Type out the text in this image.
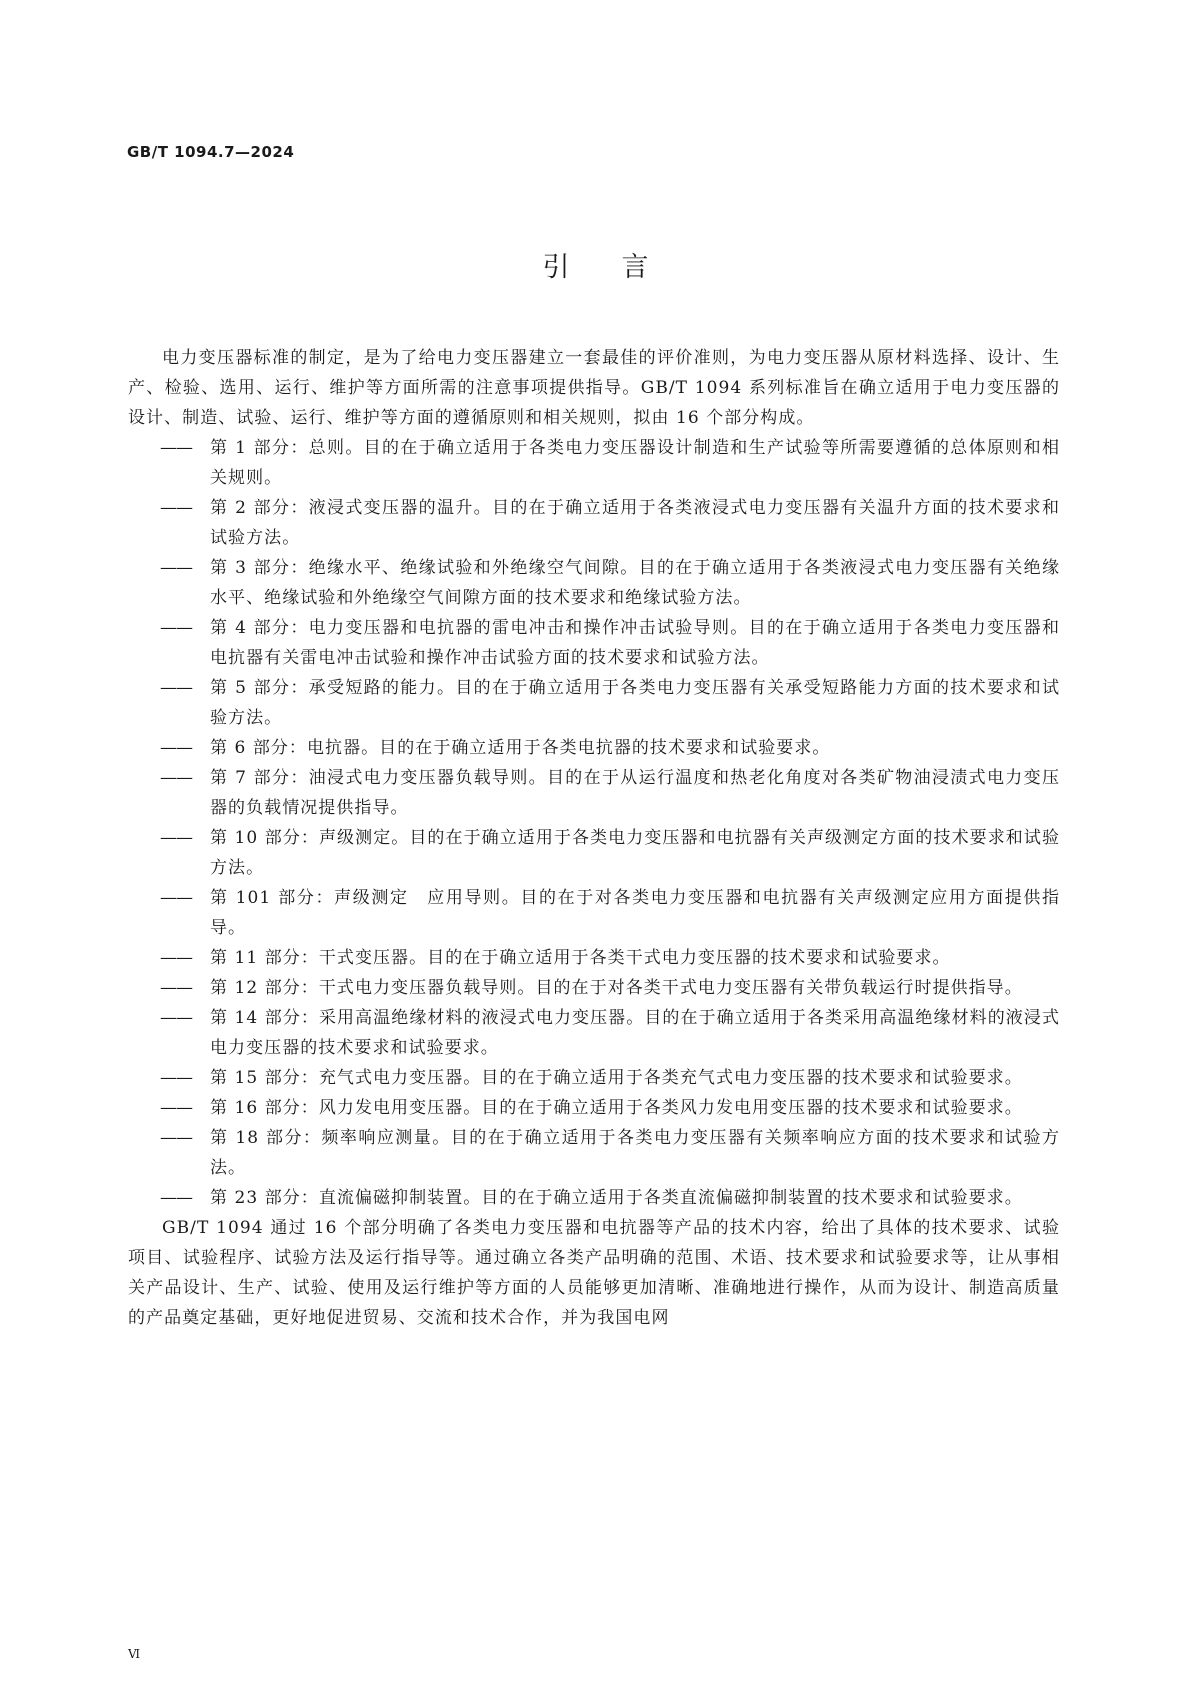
GB/T 1094.7—2024
引言

电力变压器标准的制定，是为了给电力变压器建立一套最佳的评价准则，为电力变压器从原材料选择、设计、生产、检验、选用、运行、维护等方面所需的注意事项提供指导。GB/T 1094 系列标准旨在确立适用于电力变压器的设计、制造、试验、运行、维护等方面的遵循原则和相关规则，拟由 16 个部分构成。

——	第 1 部分：总则。目的在于确立适用于各类电力变压器设计制造和生产试验等所需要遵循的总体原则和相关规则。
——	第 2 部分：液浸式变压器的温升。目的在于确立适用于各类液浸式电力变压器有关温升方面的技术要求和试验方法。
——	第 3 部分：绝缘水平、绝缘试验和外绝缘空气间隙。目的在于确立适用于各类液浸式电力变压器有关绝缘水平、绝缘试验和外绝缘空气间隙方面的技术要求和绝缘试验方法。
——	第 4 部分：电力变压器和电抗器的雷电冲击和操作冲击试验导则。目的在于确立适用于各类电力变压器和电抗器有关雷电冲击试验和操作冲击试验方面的技术要求和试验方法。
——	第 5 部分：承受短路的能力。目的在于确立适用于各类电力变压器有关承受短路能力方面的技术要求和试验方法。
——	第 6 部分：电抗器。目的在于确立适用于各类电抗器的技术要求和试验要求。
——	第 7 部分：油浸式电力变压器负载导则。目的在于从运行温度和热老化角度对各类矿物油浸渍式电力变压器的负载情况提供指导。
——	第 10 部分：声级测定。目的在于确立适用于各类电力变压器和电抗器有关声级测定方面的技术要求和试验方法。
——	第 101 部分：声级测定　应用导则。目的在于对各类电力变压器和电抗器有关声级测定应用方面提供指导。
——	第 11 部分：干式变压器。目的在于确立适用于各类干式电力变压器的技术要求和试验要求。
——	第 12 部分：干式电力变压器负载导则。目的在于对各类干式电力变压器有关带负载运行时提供指导。
——	第 14 部分：采用高温绝缘材料的液浸式电力变压器。目的在于确立适用于各类采用高温绝缘材料的液浸式电力变压器的技术要求和试验要求。
——	第 15 部分：充气式电力变压器。目的在于确立适用于各类充气式电力变压器的技术要求和试验要求。
——	第 16 部分：风力发电用变压器。目的在于确立适用于各类风力发电用变压器的技术要求和试验要求。
——	第 18 部分：频率响应测量。目的在于确立适用于各类电力变压器有关频率响应方面的技术要求和试验方法。
——	第 23 部分：直流偏磁抑制装置。目的在于确立适用于各类直流偏磁抑制装置的技术要求和试验要求。

GB/T 1094 通过 16 个部分明确了各类电力变压器和电抗器等产品的技术内容，给出了具体的技术要求、试验项目、试验程序、试验方法及运行指导等。通过确立各类产品明确的范围、术语、技术要求和试验要求等，让从事相关产品设计、生产、试验、使用及运行维护等方面的人员能够更加清晰、准确地进行操作，从而为设计、制造高质量的产品奠定基础，更好地促进贸易、交流和技术合作，并为我国电网

Ⅵ
